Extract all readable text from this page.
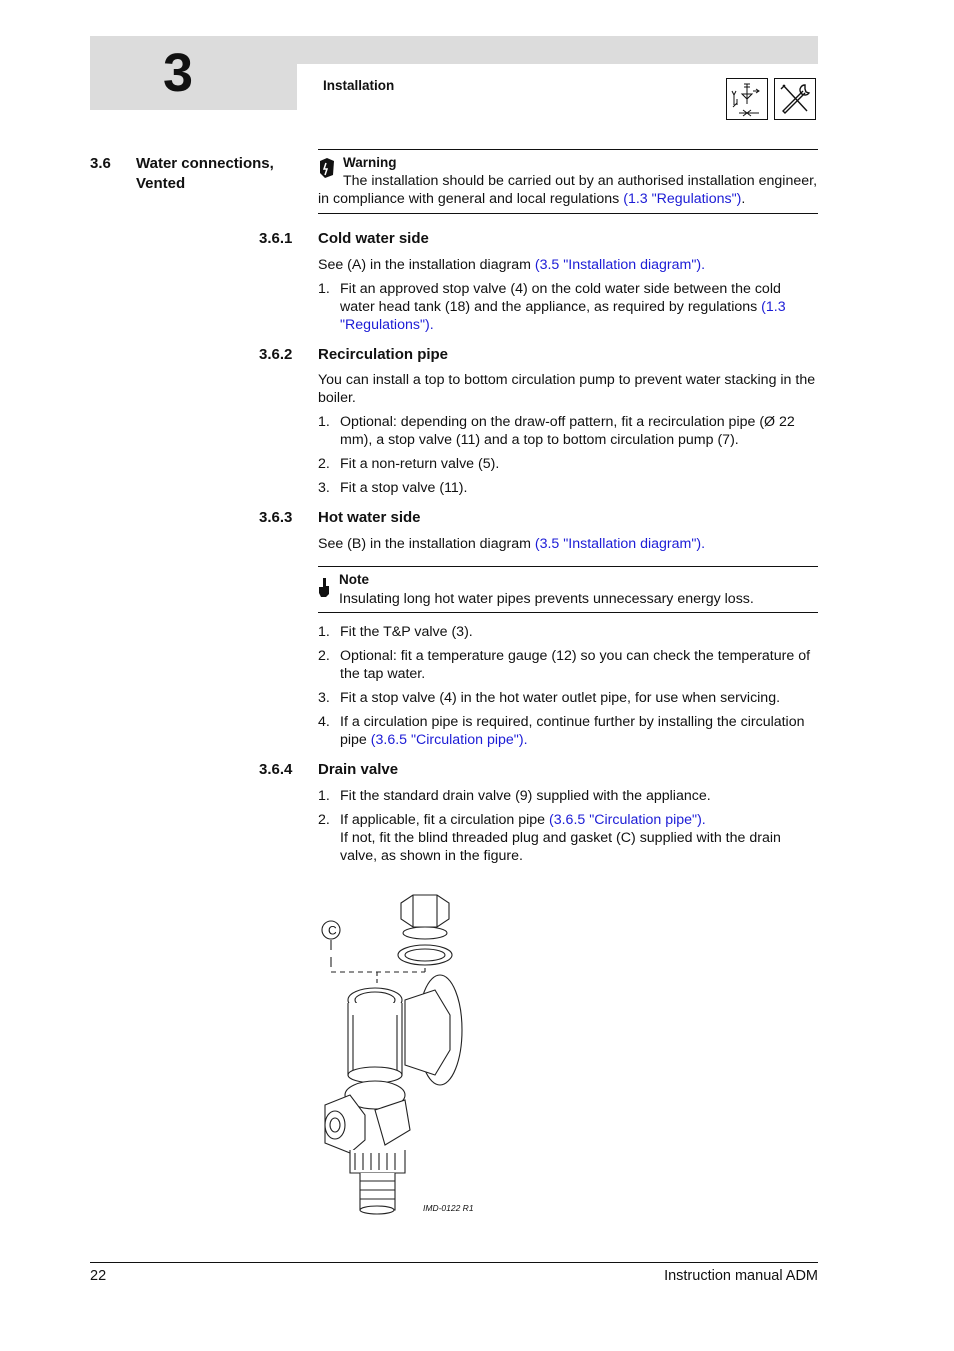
3	Installation
3.6 Water connections,
Vented
Warning
The installation should be carried out by an authorised installation engineer, in compliance with general and local regulations (1.3 "Regulations").
3.6.1 Cold water side
See (A) in the installation diagram (3.5 "Installation diagram").
1. Fit an approved stop valve (4) on the cold water side between the cold water head tank (18) and the appliance, as required by regulations (1.3 "Regulations").
3.6.2 Recirculation pipe
You can install a top to bottom circulation pump to prevent water stacking in the boiler.
1. Optional: depending on the draw-off pattern, fit a recirculation pipe (Ø 22 mm), a stop valve (11) and a top to bottom circulation pump (7).
2. Fit a non-return valve (5).
3. Fit a stop valve (11).
3.6.3 Hot water side
See (B) in the installation diagram (3.5 "Installation diagram").
Note
Insulating long hot water pipes prevents unnecessary energy loss.
1. Fit the T&P valve (3).
2. Optional: fit a temperature gauge (12) so you can check the temperature of the tap water.
3. Fit a stop valve (4) in the hot water outlet pipe, for use when servicing.
4. If a circulation pipe is required, continue further by installing the circulation pipe (3.6.5 "Circulation pipe").
3.6.4 Drain valve
1. Fit the standard drain valve (9) supplied with the appliance.
2. If applicable, fit a circulation pipe (3.6.5 "Circulation pipe").
If not, fit the blind threaded plug and gasket (C) supplied with the drain valve, as shown in the figure.
C
IMD-0122 R1
22	Instruction manual ADM
